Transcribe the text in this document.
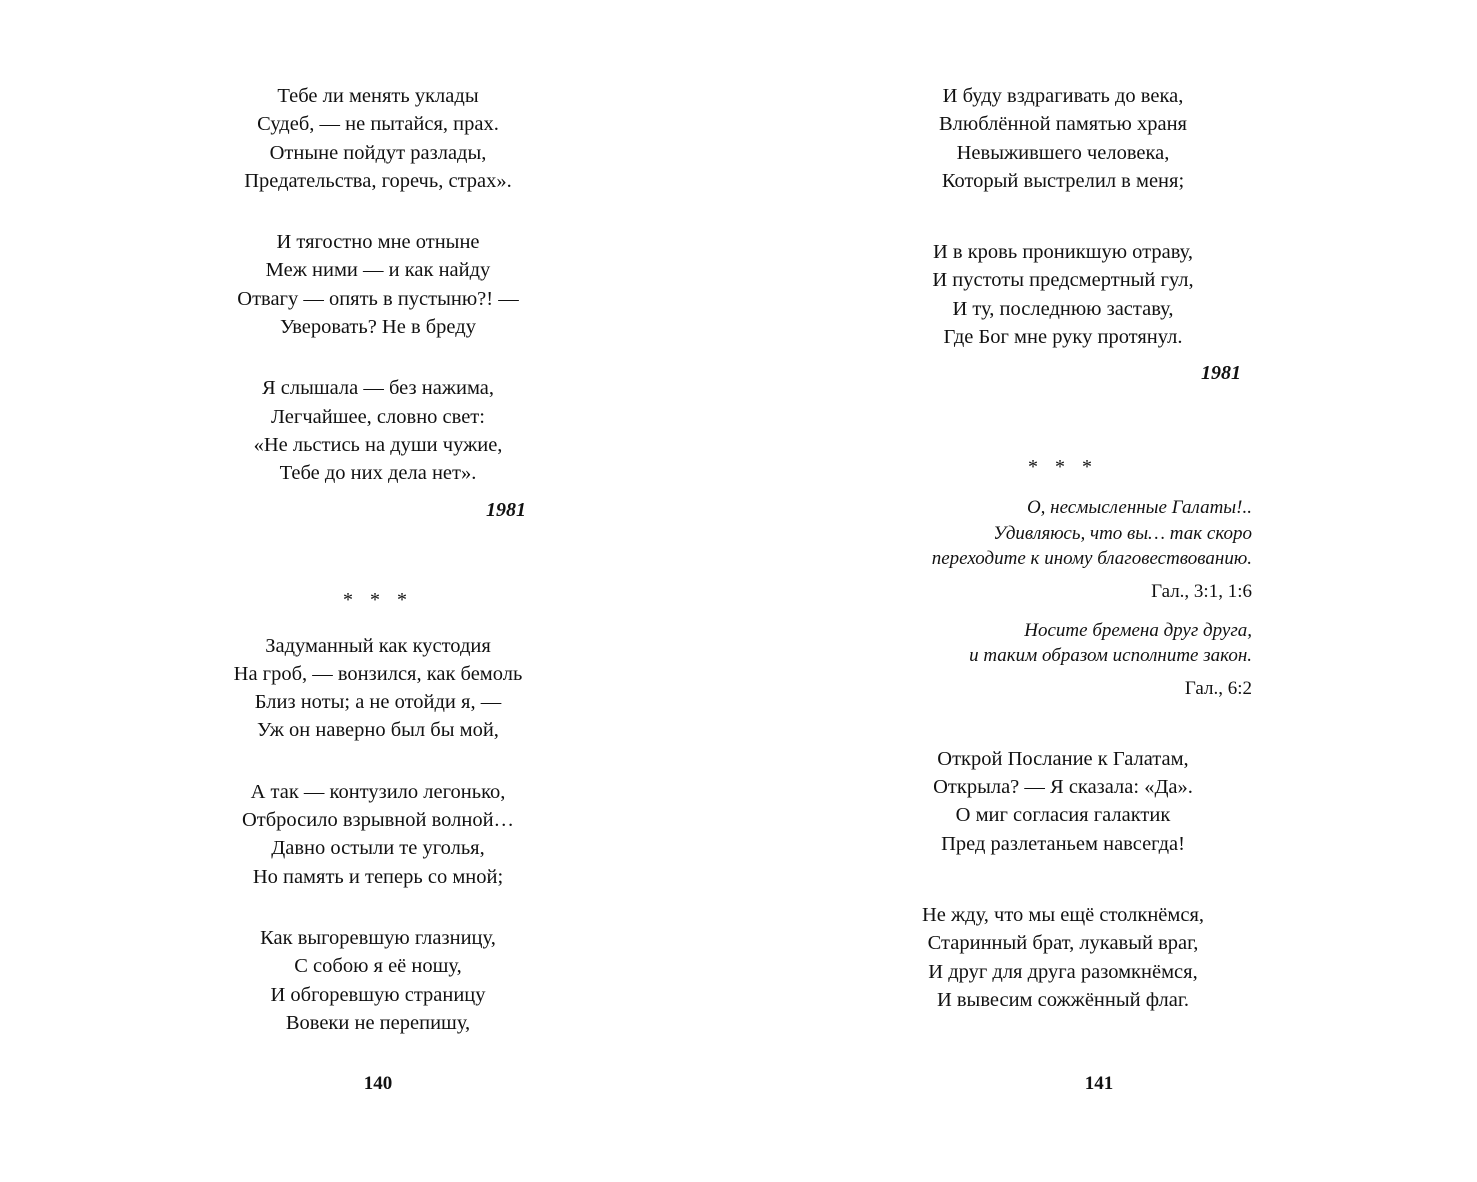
Тебе ли менять уклады
Судеб, — не пытайся, прах.
Отныне пойдут разлады,
Предательства, горечь, страх».
И тягостно мне отныне
Меж ними — и как найду
Отвагу — опять в пустыню?! —
Уверовать? Не в бреду
Я слышала — без нажима,
Легчайшее, словно свет:
«Не льстись на души чужие,
Тебе до них дела нет».
1981
* * *
Задуманный как кустодия
На гроб, — вонзился, как бемоль
Близ ноты; а не отойди я, —
Уж он наверно был бы мой,
А так — контузило легонько,
Отбросило взрывной волной…
Давно остыли те уголья,
Но память и теперь со мной;
Как выгоревшую глазницу,
С собою я её ношу,
И обгоревшую страницу
Вовеки не перепишу,
140
И буду вздрагивать до века,
Влюблённой памятью храня
Невыжившего человека,
Который выстрелил в меня;
И в кровь проникшую отраву,
И пустоты предсмертный гул,
И ту, последнюю заставу,
Где Бог мне руку протянул.
1981
* * *
О, несмысленные Галаты!..
Удивляюсь, что вы… так скоро
переходите к иному благовествованию.
Гал., 3:1, 1:6
Носите бремена друг друга,
и таким образом исполните закон.
Гал., 6:2
Открой Послание к Галатам,
Открыла? — Я сказала: «Да».
О миг согласия галактик
Пред разлетаньем навсегда!
Не жду, что мы ещё столкнёмся,
Старинный брат, лукавый враг,
И друг для друга разомкнёмся,
И вывесим сожжённый флаг.
141
